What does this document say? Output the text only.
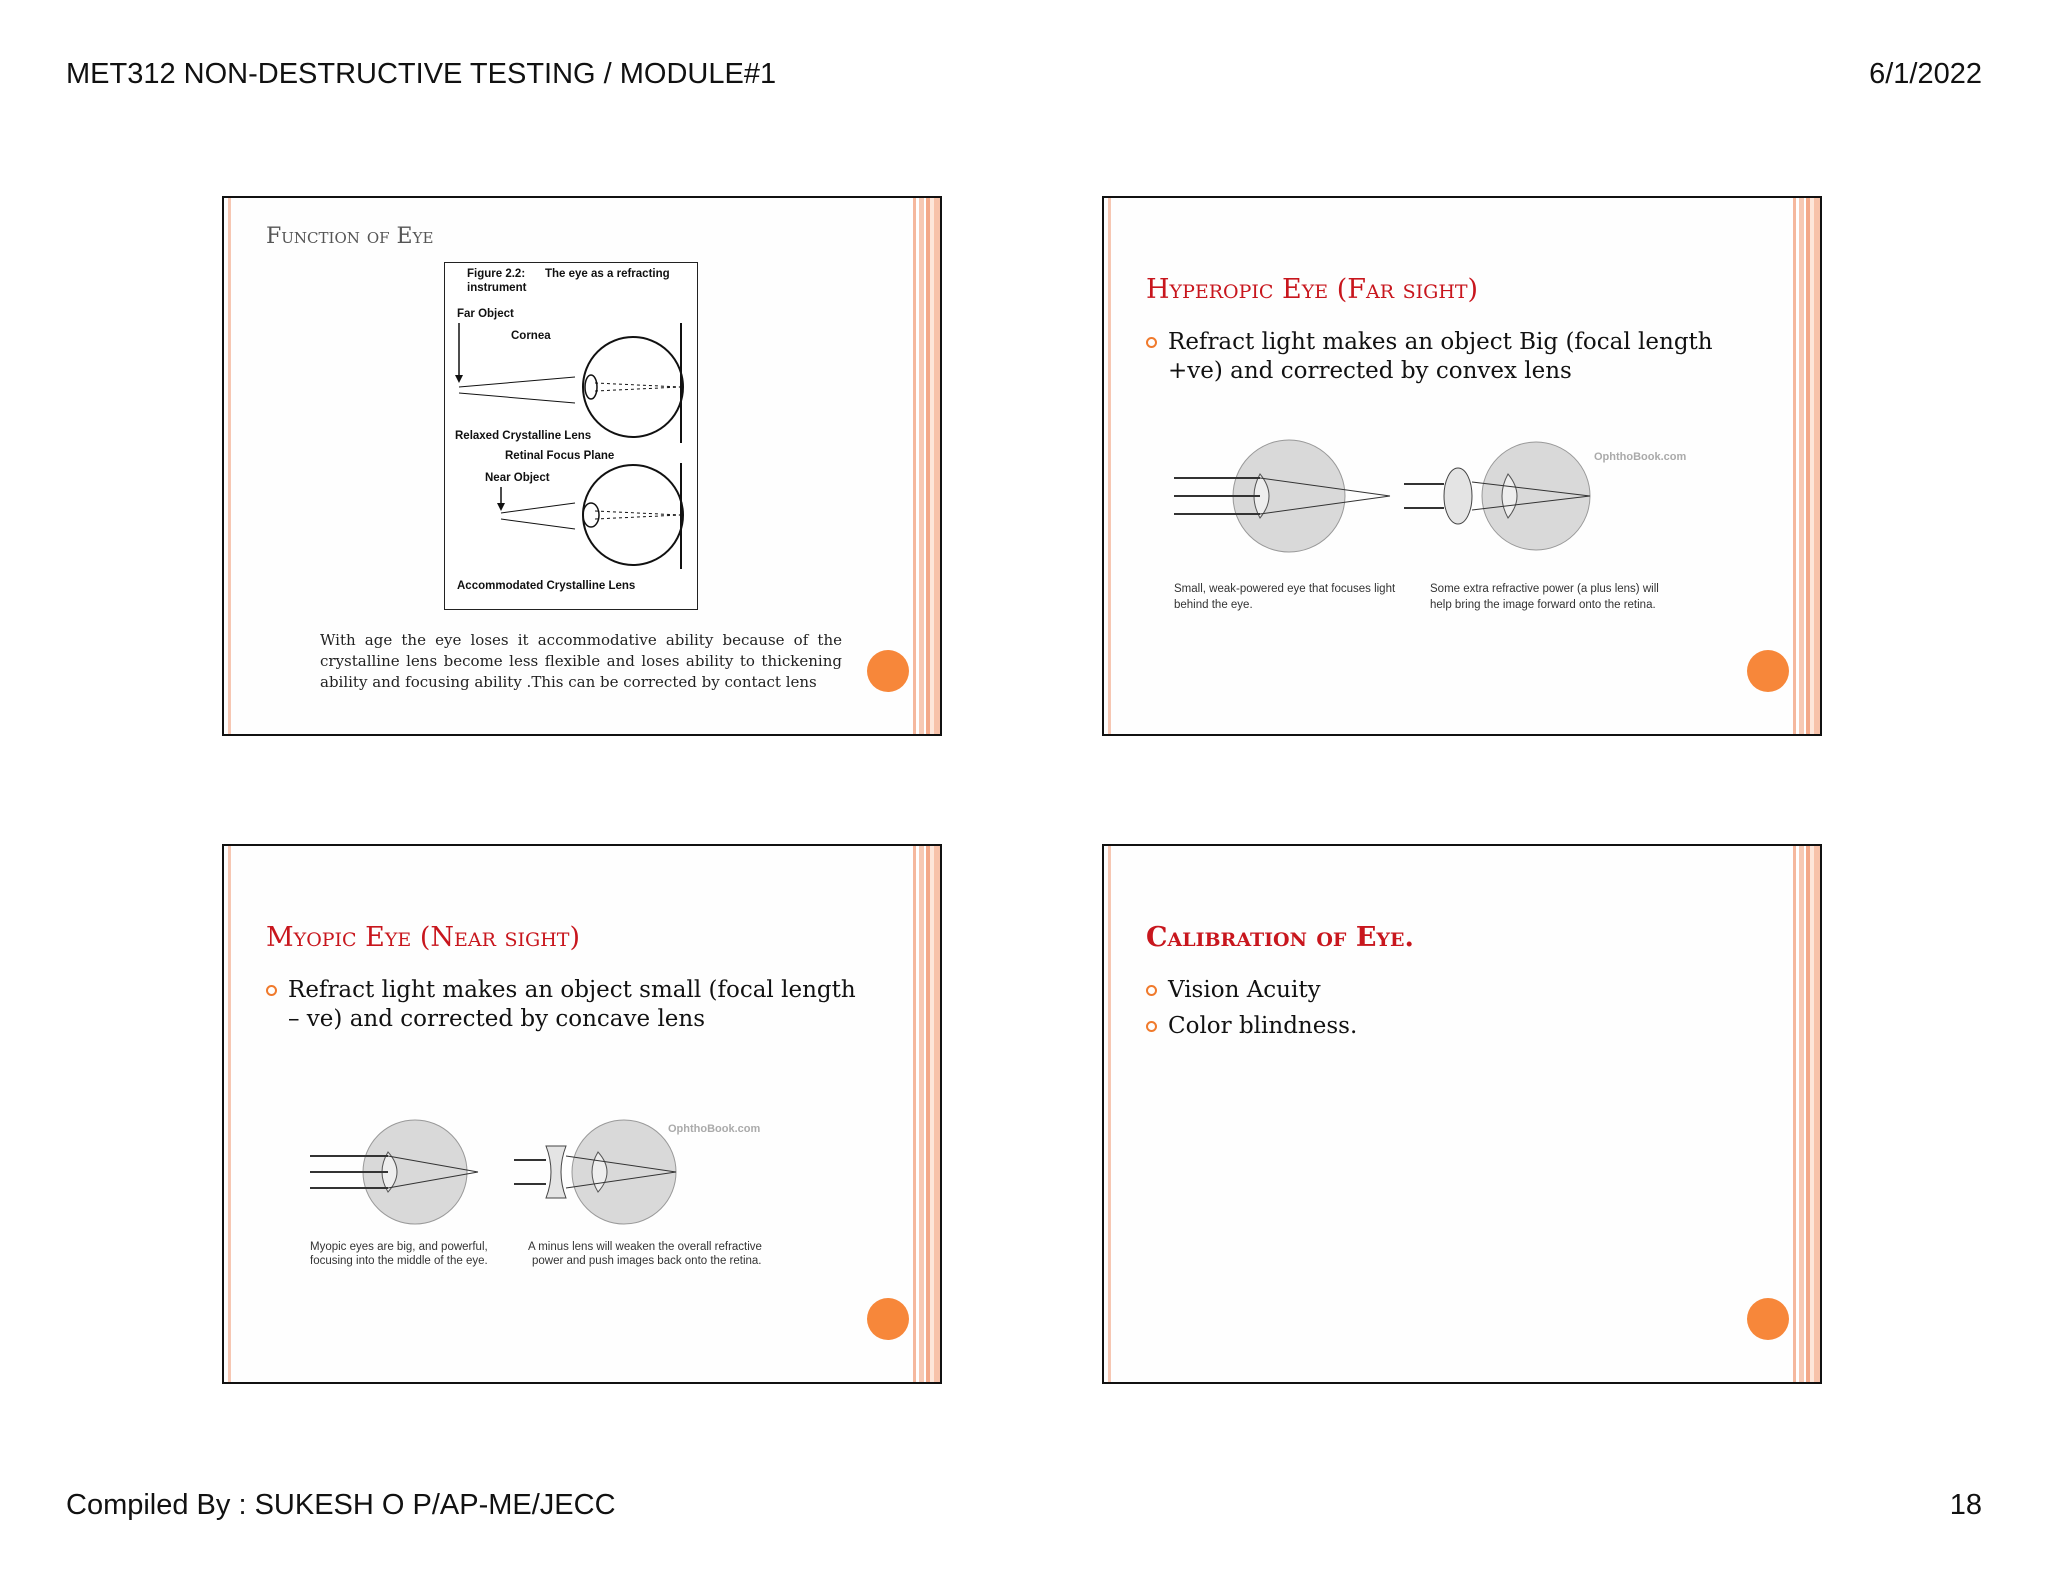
MET312 NON-DESTRUCTIVE TESTING / MODULE#1	6/1/2022
Function of Eye
Figure 2.2: The eye as a refracting
instrument
Far Object
Cornea
Relaxed Crystalline Lens
Retinal Focus Plane
Near Object
Accommodated Crystalline Lens
With age the eye loses it accommodative ability because of the crystalline lens become less flexible and loses ability to thickening ability and focusing ability .This can be corrected by contact lens
Hyperopic Eye (Far sight)
Refract light makes an object Big (focal length +ve) and corrected by convex lens
OphthoBook.com
Small, weak-powered eye that focuses light
behind the eye.
Some extra refractive power (a plus lens) will
help bring the image forward onto the retina.
Myopic Eye (Near sight)
Refract light makes an object small (focal length – ve) and corrected by concave lens
OphthoBook.com
Myopic eyes are big, and powerful,
focusing into the middle of the eye.
A minus lens will weaken the overall refractive
power and push images back onto the retina.
Calibration of Eye.
Vision Acuity
Color blindness.
Compiled By : SUKESH O P/AP-ME/JECC	18
